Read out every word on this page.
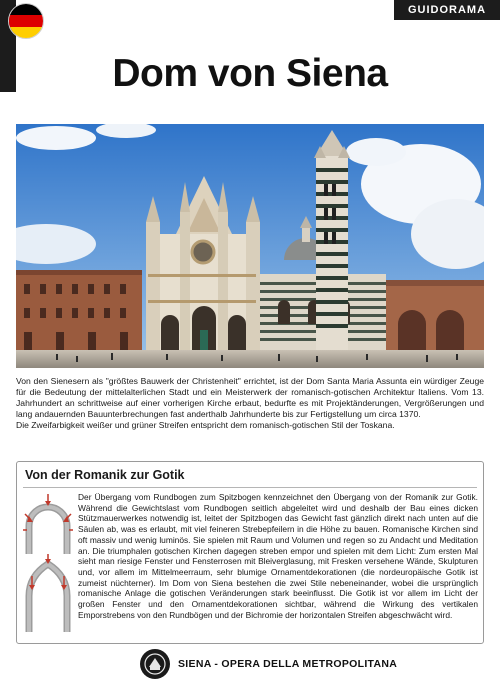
GUIDORAMA
Dom von Siena

Von den Sienesern als "größtes Bauwerk der Christenheit" errichtet, ist der Dom Santa Maria Assunta ein würdiger Zeuge für die Bedeutung der mittelalterlichen Stadt und ein Meisterwerk der romanisch-gotischen Architektur Italiens. Vom 13. Jahrhundert an schrittweise auf einer vorherigen Kirche erbaut, bedurfte es mit Projektänderungen, Vergrößerungen und lang andauernden Bauunterbrechungen fast anderthalb Jahrhunderte bis zur Fertigstellung um circa 1370.

Die Zweifarbigkeit weißer und grüner Streifen entspricht dem romanisch-gotischen Stil der Toskana.

Von der Romanik zur Gotik

Der Übergang vom Rundbogen zum Spitzbogen kennzeichnet den Übergang von der Romanik zur Gotik. Während die Gewichtslast vom Rundbogen seitlich abgeleitet wird und deshalb der Bau eines dicken Stützmauerwerkes notwendig ist, leitet der Spitzbogen das Gewicht fast gänzlich direkt nach unten auf die Säulen ab, was es erlaubt, mit viel feineren Strebepfeilern in die Höhe zu bauen. Romanische Kirchen sind oft massiv und wenig luminös. Sie spielen mit Raum und Volumen und regen so zu Andacht und Meditation an. Die triumphalen gotischen Kirchen dagegen streben empor und spielen mit dem Licht: Zum ersten Mal sieht man riesige Fenster und Fensterrosen mit Bleiverglasung, mit Fresken versehene Wände, Skulpturen und, vor allem im Mittelmeerraum, sehr blumige Ornamentdekorationen (die nordeuropäische Gotik ist zumeist nüchterner). Im Dom von Siena bestehen die zwei Stile nebeneinander, wobei die ursprünglich romanische Anlage die gotischen Veränderungen stark beeinflusst. Die Gotik ist vor allem im Licht der großen Fenster und den Ornamentdekorationen sichtbar, während die Wirkung des vertikalen Emporstrebens von den Rundbögen und der Bichromie der horizontalen Streifen abgeschwächt wird.

SIENA - OPERA DELLA METROPOLITANA
